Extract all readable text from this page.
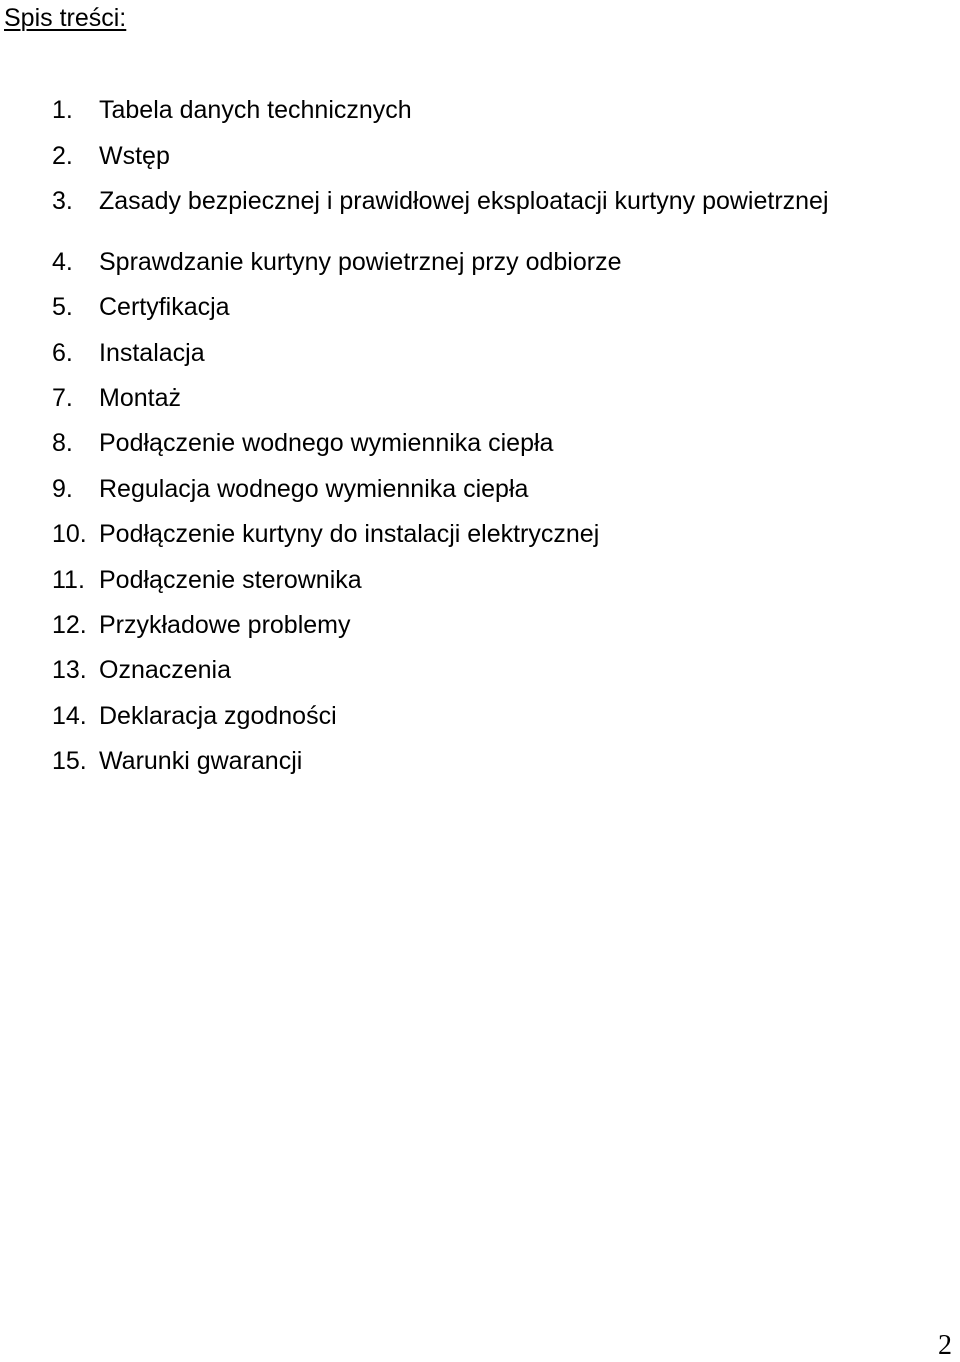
Spis treści:
1. Tabela danych technicznych
2. Wstęp
3. Zasady bezpiecznej i prawidłowej eksploatacji kurtyny powietrznej
4. Sprawdzanie kurtyny powietrznej przy odbiorze
5. Certyfikacja
6. Instalacja
7. Montaż
8. Podłączenie wodnego wymiennika ciepła
9. Regulacja wodnego wymiennika ciepła
10. Podłączenie kurtyny do instalacji elektrycznej
11. Podłączenie sterownika
12. Przykładowe problemy
13. Oznaczenia
14. Deklaracja zgodności
15. Warunki gwarancji
2
